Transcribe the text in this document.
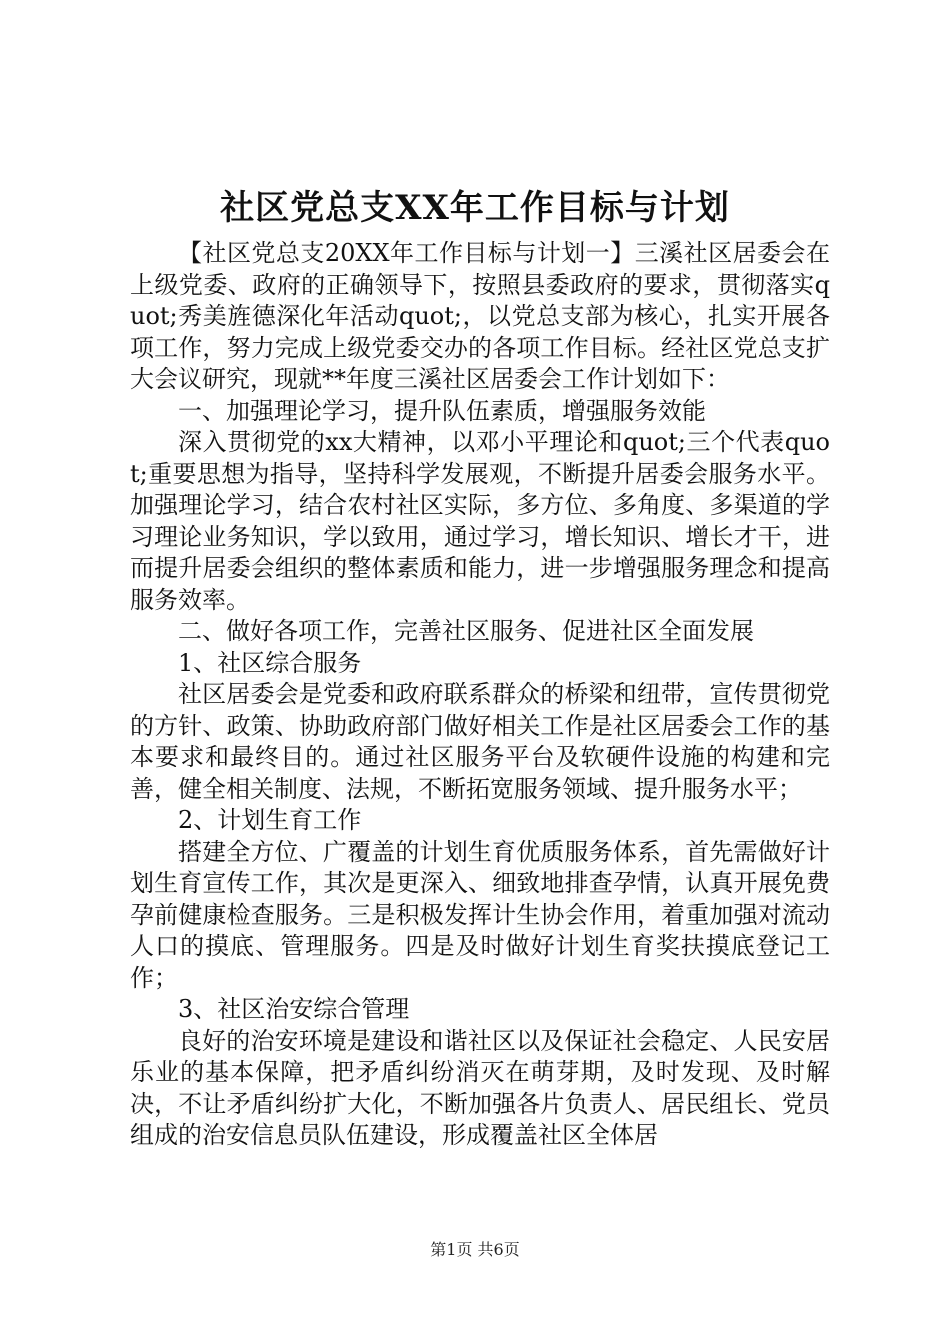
社区党总支XX年工作目标与计划

【社区党总支20XX年工作目标与计划一】三溪社区居委会在上级党委、政府的正确领导下，按照县委政府的要求，贯彻落实quot;秀美旌德深化年活动quot;，以党总支部为核心，扎实开展各项工作，努力完成上级党委交办的各项工作目标。经社区党总支扩大会议研究，现就**年度三溪社区居委会工作计划如下：

一、加强理论学习，提升队伍素质，增强服务效能

深入贯彻党的xx大精神，以邓小平理论和quot;三个代表quot;重要思想为指导，坚持科学发展观，不断提升居委会服务水平。加强理论学习，结合农村社区实际，多方位、多角度、多渠道的学习理论业务知识，学以致用，通过学习，增长知识、增长才干，进而提升居委会组织的整体素质和能力，进一步增强服务理念和提高服务效率。

二、做好各项工作，完善社区服务、促进社区全面发展

1、社区综合服务

社区居委会是党委和政府联系群众的桥梁和纽带，宣传贯彻党的方针、政策、协助政府部门做好相关工作是社区居委会工作的基本要求和最终目的。通过社区服务平台及软硬件设施的构建和完善，健全相关制度、法规，不断拓宽服务领域、提升服务水平；

2、计划生育工作

搭建全方位、广覆盖的计划生育优质服务体系，首先需做好计划生育宣传工作，其次是更深入、细致地排查孕情，认真开展免费孕前健康检查服务。三是积极发挥计生协会作用，着重加强对流动人口的摸底、管理服务。四是及时做好计划生育奖扶摸底登记工作；

3、社区治安综合管理

良好的治安环境是建设和谐社区以及保证社会稳定、人民安居乐业的基本保障，把矛盾纠纷消灭在萌芽期，及时发现、及时解决，不让矛盾纠纷扩大化，不断加强各片负责人、居民组长、党员组成的治安信息员队伍建设，形成覆盖社区全体居

第1页 共6页
